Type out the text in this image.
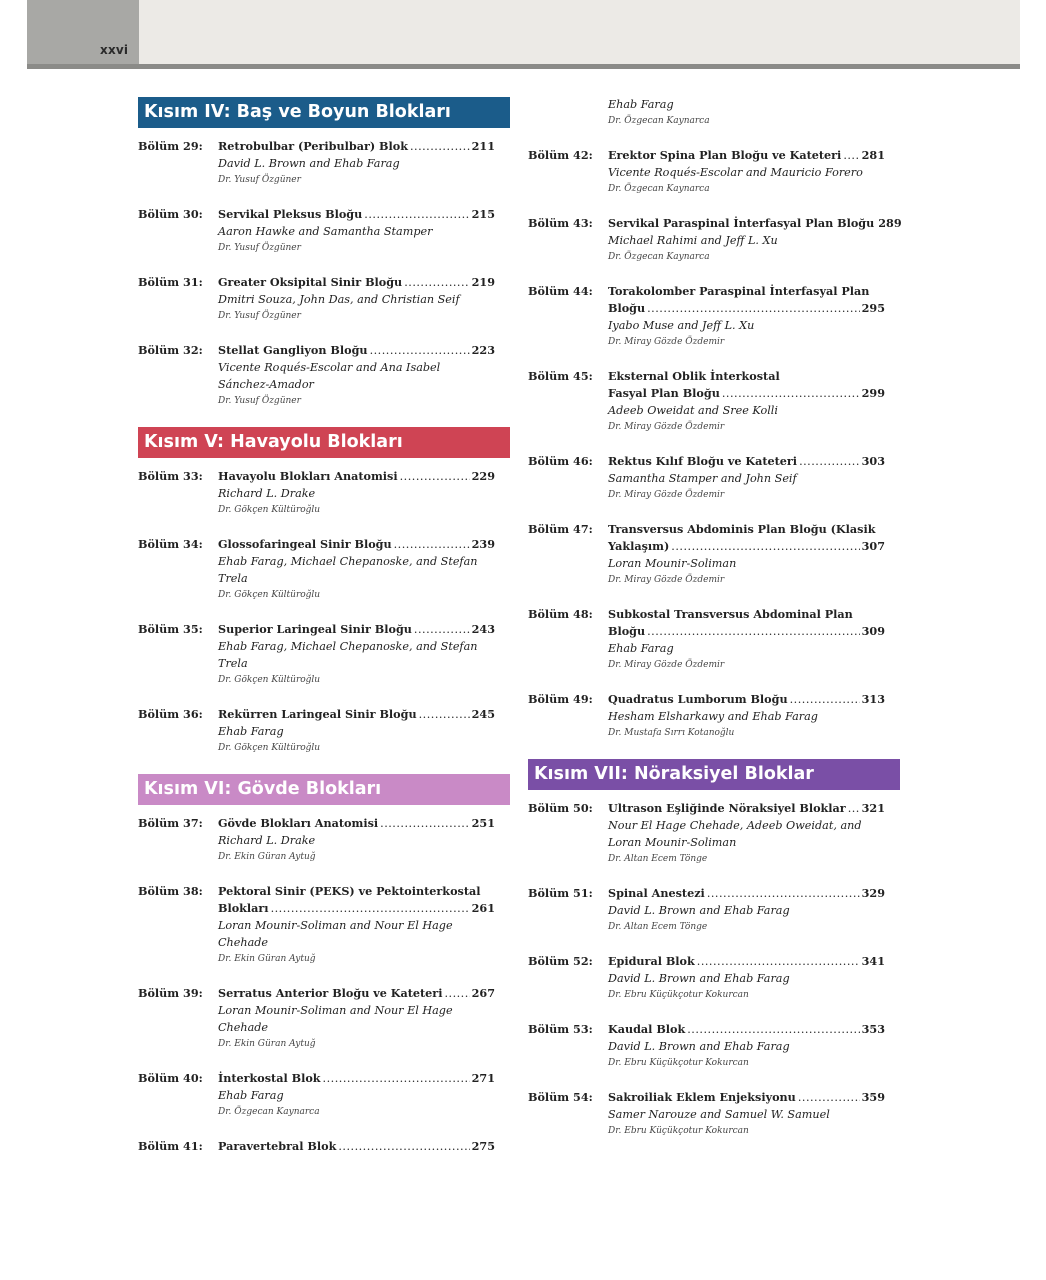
xxvi
Kısım IV: Baş ve Boyun Blokları
Bölüm 29: Retrobulbar (Peribulbar) Blok .....	211
David L. Brown and Ehab Farag
Dr. Yusuf Özgüner
Bölüm 30: Servikal Pleksus Bloğu .....	215
Aaron Hawke and Samantha Stamper
Dr. Yusuf Özgüner
Bölüm 31: Greater Oksipital Sinir Bloğu .....	219
Dmitri Souza, John Das, and Christian Seif
Dr. Yusuf Özgüner
Bölüm 32: Stellat Gangliyon Bloğu .....	223
Vicente Roqués-Escolar and Ana Isabel Sánchez-Amador
Dr. Yusuf Özgüner
Kısım V: Havayolu Blokları
Bölüm 33: Havayolu Blokları Anatomisi .....	229
Richard L. Drake
Dr. Gökçen Kültüroğlu
Bölüm 34: Glossofaringeal Sinir Bloğu .....	239
Ehab Farag, Michael Chepanoske, and Stefan Trela
Dr. Gökçen Kültüroğlu
Bölüm 35: Superior Laringeal Sinir Bloğu .....	243
Ehab Farag, Michael Chepanoske, and Stefan Trela
Dr. Gökçen Kültüroğlu
Bölüm 36: Rekürren Laringeal Sinir Bloğu .....	245
Ehab Farag
Dr. Gökçen Kültüroğlu
Kısım VI: Gövde Blokları
Bölüm 37: Gövde Blokları Anatomisi .....	251
Richard L. Drake
Dr. Ekin Güran Aytuğ
Bölüm 38: Pektoral Sinir (PEKS) ve Pektointerkostal
Blokları .....	261
Loran Mounir-Soliman and Nour El Hage Chehade
Dr. Ekin Güran Aytuğ
Bölüm 39: Serratus Anterior Bloğu ve Kateteri .....	267
Loran Mounir-Soliman and Nour El Hage Chehade
Dr. Ekin Güran Aytuğ
Bölüm 40: İnterkostal Blok .....	271
Ehab Farag
Dr. Özgecan Kaynarca
Bölüm 41: Paravertebral Blok .....	275
Ehab Farag
Dr. Özgecan Kaynarca
Bölüm 42: Erektor Spina Plan Bloğu ve Kateteri ..... 281
Vicente Roqués-Escolar and Mauricio Forero
Dr. Özgecan Kaynarca
Bölüm 43: Servikal Paraspinal İnterfasyal Plan Bloğu 289
Michael Rahimi and Jeff L. Xu
Dr. Özgecan Kaynarca
Bölüm 44: Torakolomber Paraspinal İnterfasyal Plan
Bloğu .....	295
Iyabo Muse and Jeff L. Xu
Dr. Miray Gözde Özdemir
Bölüm 45: Eksternal Oblik İnterkostal
Fasyal Plan Bloğu .....	299
Adeeb Oweidat and Sree Kolli
Dr. Miray Gözde Özdemir
Bölüm 46: Rektus Kılıf Bloğu ve Kateteri .....	303
Samantha Stamper and John Seif
Dr. Miray Gözde Özdemir
Bölüm 47: Transversus Abdominis Plan Bloğu (Klasik
Yaklaşım) .....	307
Loran Mounir-Soliman
Dr. Miray Gözde Özdemir
Bölüm 48: Subkostal Transversus Abdominal Plan
Bloğu .....	309
Ehab Farag
Dr. Miray Gözde Özdemir
Bölüm 49: Quadratus Lumborum Bloğu .....	313
Hesham Elsharkawy and Ehab Farag
Dr. Mustafa Sırrı Kotanoğlu
Kısım VII: Nöraksiyel Bloklar
Bölüm 50: Ultrason Eşliğinde Nöraksiyel Bloklar ..... 321
Nour El Hage Chehade, Adeeb Oweidat, and Loran Mounir-Soliman
Dr. Altan Ecem Tönge
Bölüm 51: Spinal Anestezi .....	329
David L. Brown and Ehab Farag
Dr. Altan Ecem Tönge
Bölüm 52: Epidural Blok .....	341
David L. Brown and Ehab Farag
Dr. Ebru Küçükçotur Kokurcan
Bölüm 53: Kaudal Blok .....	353
David L. Brown and Ehab Farag
Dr. Ebru Küçükçotur Kokurcan
Bölüm 54: Sakroiliak Eklem Enjeksiyonu .....	359
Samer Narouze and Samuel W. Samuel
Dr. Ebru Küçükçotur Kokurcan
